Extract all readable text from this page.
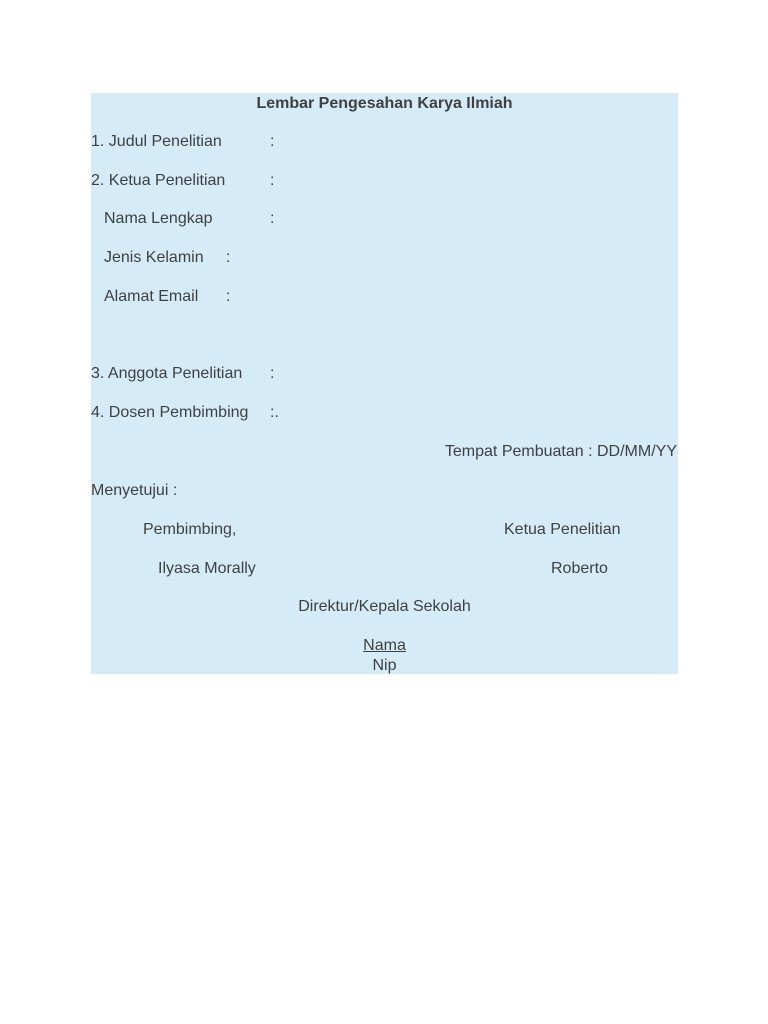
Lembar Pengesahan Karya Ilmiah
1. Judul Penelitian	:
2. Ketua Penelitian	:
Nama Lengkap	:
Jenis Kelamin :
Alamat Email :
3. Anggota Penelitian :
4. Dosen Pembimbing :.
Tempat Pembuatan : DD/MM/YY
Menyetujui :
Pembimbing,	Ketua Penelitian
Ilyasa Morally	Roberto
Direktur/Kepala Sekolah
Nama
Nip
